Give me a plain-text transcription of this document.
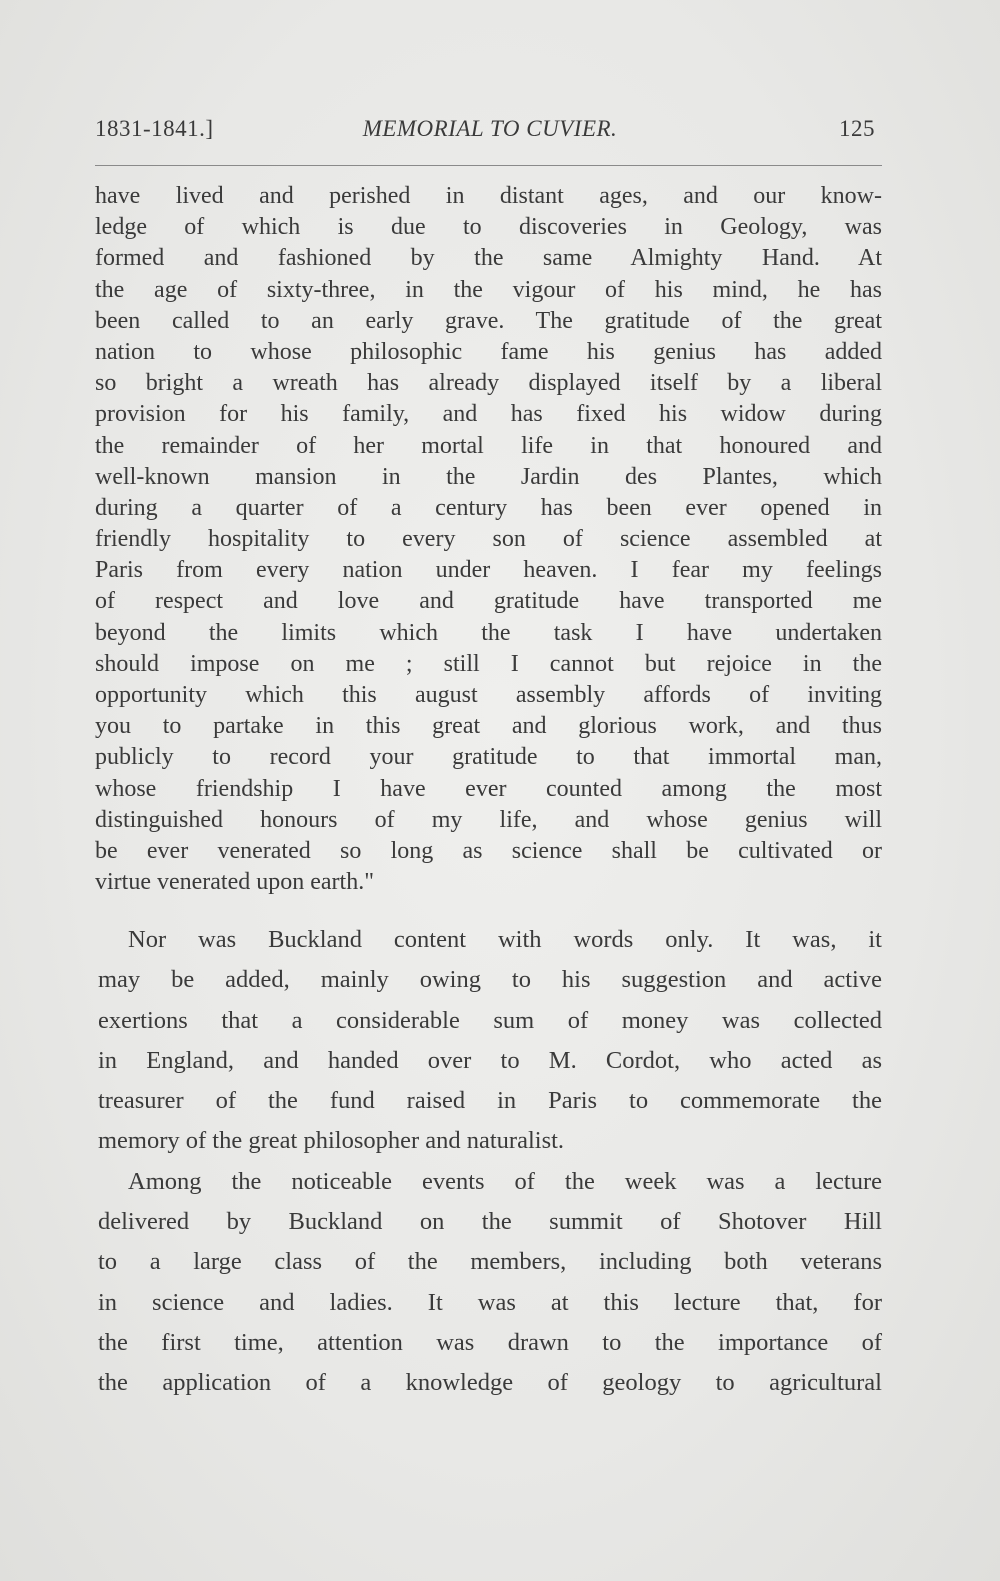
1831-1841.]	MEMORIAL TO CUVIER.	125
have lived and perished in distant ages, and our know-
ledge of which is due to discoveries in Geology, was
formed and fashioned by the same Almighty Hand. At
the age of sixty-three, in the vigour of his mind, he has
been called to an early grave. The gratitude of the great
nation to whose philosophic fame his genius has added
so bright a wreath has already displayed itself by a liberal
provision for his family, and has fixed his widow during
the remainder of her mortal life in that honoured and
well-known mansion in the Jardin des Plantes, which
during a quarter of a century has been ever opened in
friendly hospitality to every son of science assembled at
Paris from every nation under heaven. I fear my feelings
of respect and love and gratitude have transported me
beyond the limits which the task I have undertaken
should impose on me ; still I cannot but rejoice in the
opportunity which this august assembly affords of inviting
you to partake in this great and glorious work, and thus
publicly to record your gratitude to that immortal man,
whose friendship I have ever counted among the most
distinguished honours of my life, and whose genius will
be ever venerated so long as science shall be cultivated or
virtue venerated upon earth."
Nor was Buckland content with words only. It was, it
may be added, mainly owing to his suggestion and active
exertions that a considerable sum of money was collected
in England, and handed over to M. Cordot, who acted as
treasurer of the fund raised in Paris to commemorate the
memory of the great philosopher and naturalist.
Among the noticeable events of the week was a lecture
delivered by Buckland on the summit of Shotover Hill
to a large class of the members, including both veterans
in science and ladies. It was at this lecture that, for
the first time, attention was drawn to the importance of
the application of a knowledge of geology to agricultural
